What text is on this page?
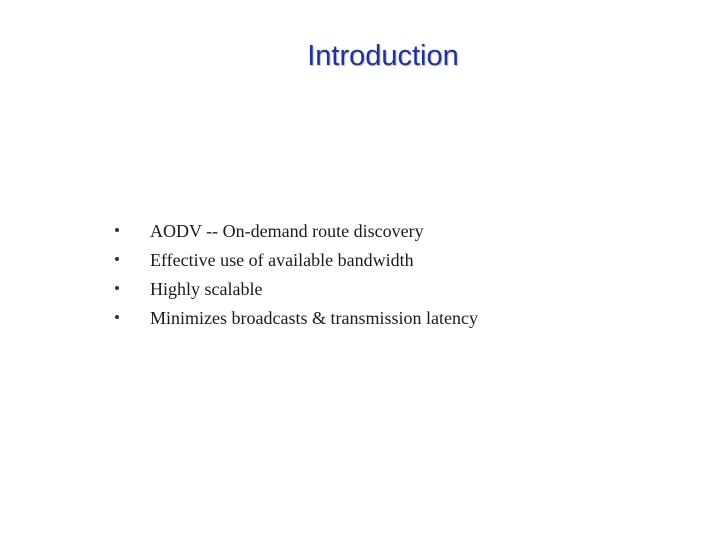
Introduction
AODV -- On-demand route discovery
Effective use of available bandwidth
Highly scalable
Minimizes broadcasts & transmission latency
